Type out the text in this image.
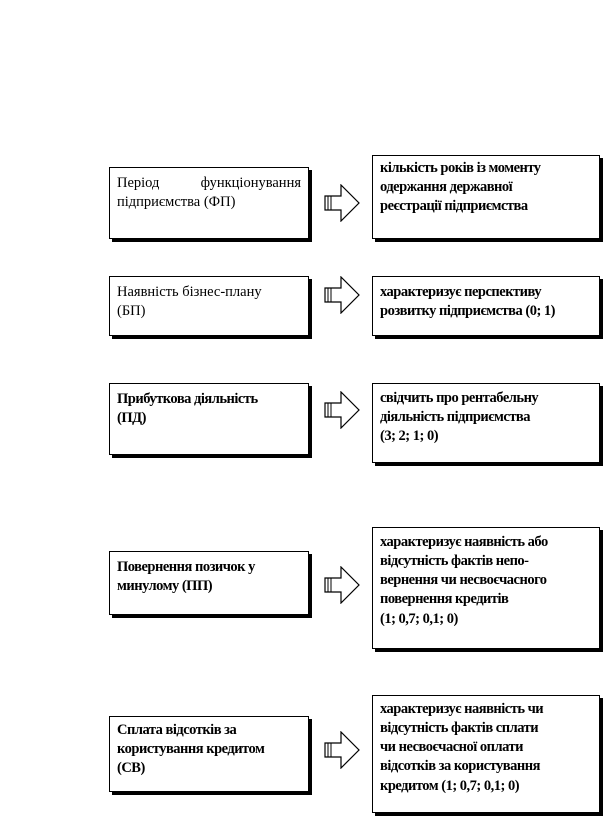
Період функціонування
підприємства (ФП)
кількість років із моменту
одержання державної
реєстрації підприємства
Наявність бізнес-плану
(БП)
характеризує перспективу
розвитку підприємства (0; 1)
Прибуткова діяльність
(ПД)
свідчить про рентабельну
діяльність підприємства
(3; 2; 1; 0)
Повернення позичок у
минулому (ПП)
характеризує наявність або
відсутність фактів непо-
вернення чи несвоєчасного
повернення кредитів
(1; 0,7; 0,1; 0)
Сплата відсотків за
користування кредитом
(СВ)
характеризує наявність чи
відсутність фактів сплати
чи несвоєчасної оплати
відсотків за користування
кредитом (1; 0,7; 0,1; 0)
